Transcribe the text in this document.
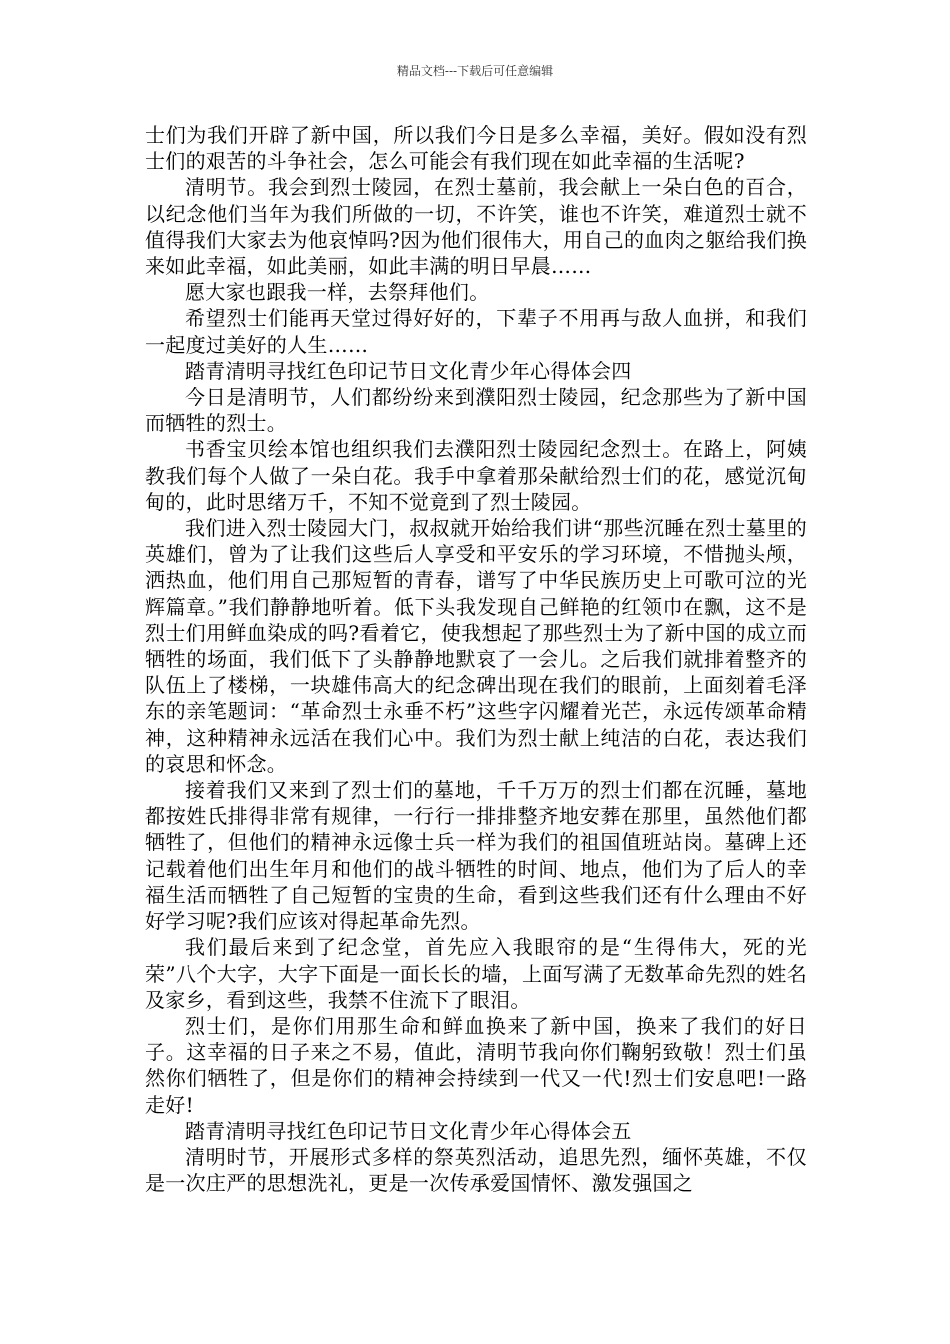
精品文档---下载后可任意编辑

士们为我们开辟了新中国，所以我们今日是多么幸福，美好。假如没有烈士们的艰苦的斗争社会，怎么可能会有我们现在如此幸福的生活呢?

清明节。我会到烈士陵园，在烈士墓前，我会献上一朵白色的百合，以纪念他们当年为我们所做的一切，不许笑，谁也不许笑，难道烈士就不值得我们大家去为他哀悼吗?因为他们很伟大，用自己的血肉之躯给我们换来如此幸福，如此美丽，如此丰满的明日早晨……

愿大家也跟我一样，去祭拜他们。

希望烈士们能再天堂过得好好的，下辈子不用再与敌人血拼，和我们一起度过美好的人生……

踏青清明寻找红色印记节日文化青少年心得体会四

今日是清明节，人们都纷纷来到濮阳烈士陵园，纪念那些为了新中国而牺牲的烈士。

书香宝贝绘本馆也组织我们去濮阳烈士陵园纪念烈士。在路上，阿姨教我们每个人做了一朵白花。我手中拿着那朵献给烈士们的花，感觉沉甸甸的，此时思绪万千，不知不觉竟到了烈士陵园。

我们进入烈士陵园大门，叔叔就开始给我们讲“那些沉睡在烈士墓里的英雄们，曾为了让我们这些后人享受和平安乐的学习环境，不惜抛头颅，洒热血，他们用自己那短暂的青春，谱写了中华民族历史上可歌可泣的光辉篇章。”我们静静地听着。低下头我发现自己鲜艳的红领巾在飘，这不是烈士们用鲜血染成的吗?看着它，使我想起了那些烈士为了新中国的成立而牺牲的场面，我们低下了头静静地默哀了一会儿。之后我们就排着整齐的队伍上了楼梯，一块雄伟高大的纪念碑出现在我们的眼前，上面刻着毛泽东的亲笔题词：“革命烈士永垂不朽”这些字闪耀着光芒，永远传颂革命精神，这种精神永远活在我们心中。我们为烈士献上纯洁的白花，表达我们的哀思和怀念。

接着我们又来到了烈士们的墓地，千千万万的烈士们都在沉睡，墓地都按姓氏排得非常有规律，一行行一排排整齐地安葬在那里，虽然他们都牺牲了，但他们的精神永远像士兵一样为我们的祖国值班站岗。墓碑上还记载着他们出生年月和他们的战斗牺牲的时间、地点，他们为了后人的幸福生活而牺牲了自己短暂的宝贵的生命，看到这些我们还有什么理由不好好学习呢?我们应该对得起革命先烈。

我们最后来到了纪念堂，首先应入我眼帘的是“生得伟大，死的光荣”八个大字，大字下面是一面长长的墙，上面写满了无数革命先烈的姓名及家乡，看到这些，我禁不住流下了眼泪。

烈士们，是你们用那生命和鲜血换来了新中国，换来了我们的好日子。这幸福的日子来之不易，值此，清明节我向你们鞠躬致敬！烈士们虽然你们牺牲了，但是你们的精神会持续到一代又一代!烈士们安息吧!一路走好!

踏青清明寻找红色印记节日文化青少年心得体会五

清明时节，开展形式多样的祭英烈活动，追思先烈，缅怀英雄，不仅是一次庄严的思想洗礼，更是一次传承爱国情怀、激发强国之
